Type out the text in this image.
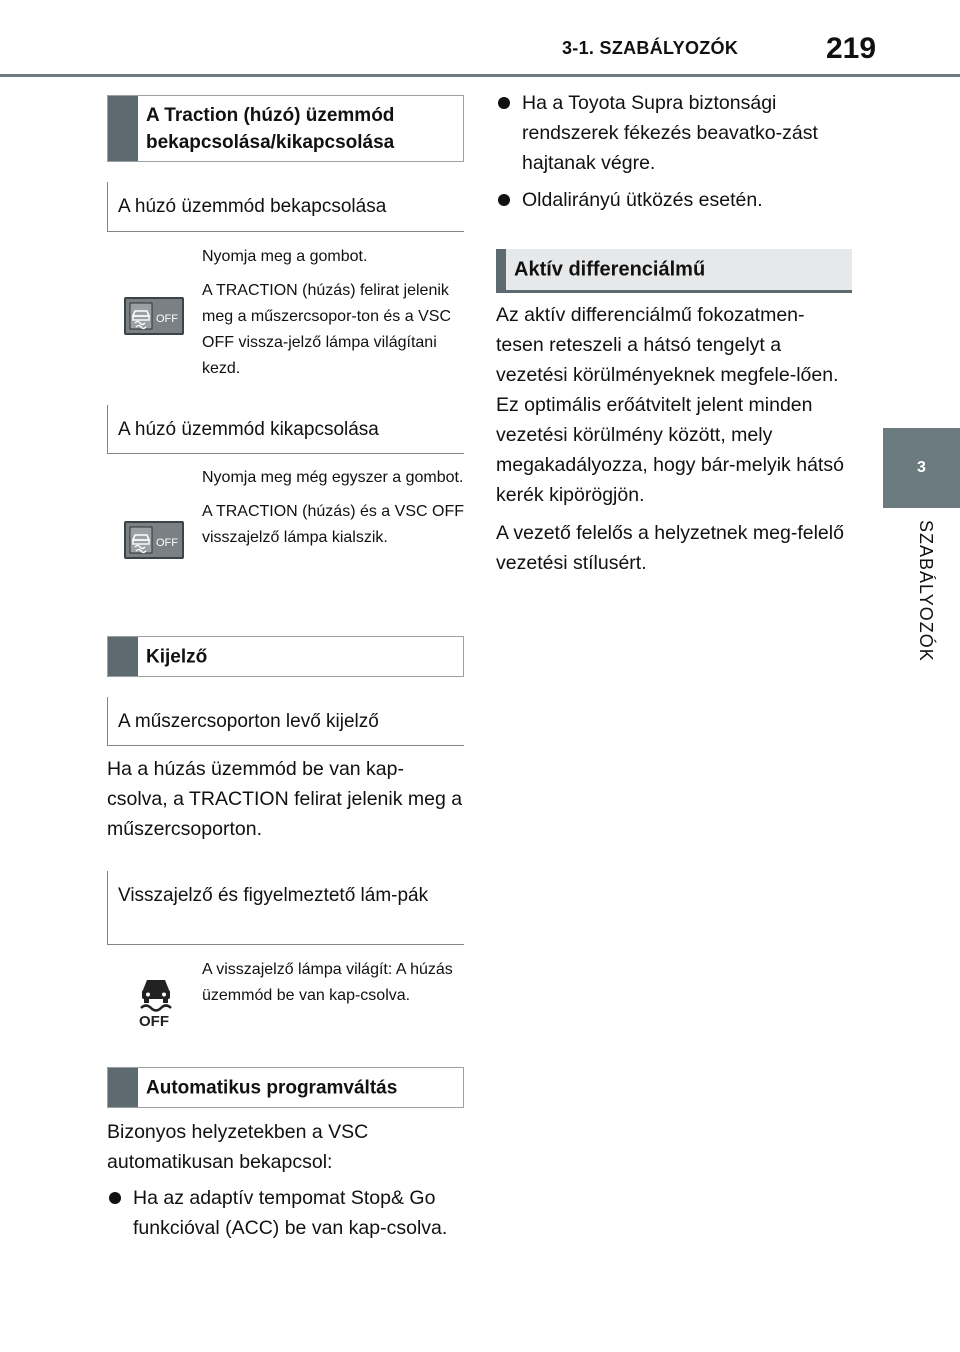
3-1. SZABÁLYOZÓK	219
3
SZABÁLYOZÓK
A Traction (húzó) üzemmód bekapcsolása/kikapcsolása
A húzó üzemmód bekapcsolása
OFF

Nyomja meg a gombot.

A TRACTION (húzás) felirat jelenik meg a műszercsopor-ton és a VSC OFF vissza-jelző lámpa világítani kezd.

A húzó üzemmód kikapcsolása
OFF

Nyomja meg még egyszer a gombot.

A TRACTION (húzás) és a VSC OFF visszajelző lámpa kialszik.

Kijelző
A műszercsoporton levő kijelző
Ha a húzás üzemmód be van kap-csolva, a TRACTION felirat jelenik meg a műszercsoporton.
Visszajelző és figyelmeztető lám-pák
OFF
A visszajelző lámpa világít: A húzás üzemmód be van kap-csolva.
Automatikus programváltás
Bizonyos helyzetekben a VSC automatikusan bekapcsol:
Ha az adaptív tempomat Stop& Go funkcióval (ACC) be van kap-csolva.
Ha a Toyota Supra biztonsági rendszerek fékezés beavatko-zást hajtanak végre.
Oldalirányú ütközés esetén.
Aktív differenciálmű

Az aktív differenciálmű fokozatmen-tesen reteszeli a hátsó tengelyt a vezetési körülményeknek megfele-lően. Ez optimális erőátvitelt jelent minden vezetési körülmény között, mely megakadályozza, hogy bár-melyik hátsó kerék kipörögjön.

A vezető felelős a helyzetnek meg-felelő vezetési stílusért.
